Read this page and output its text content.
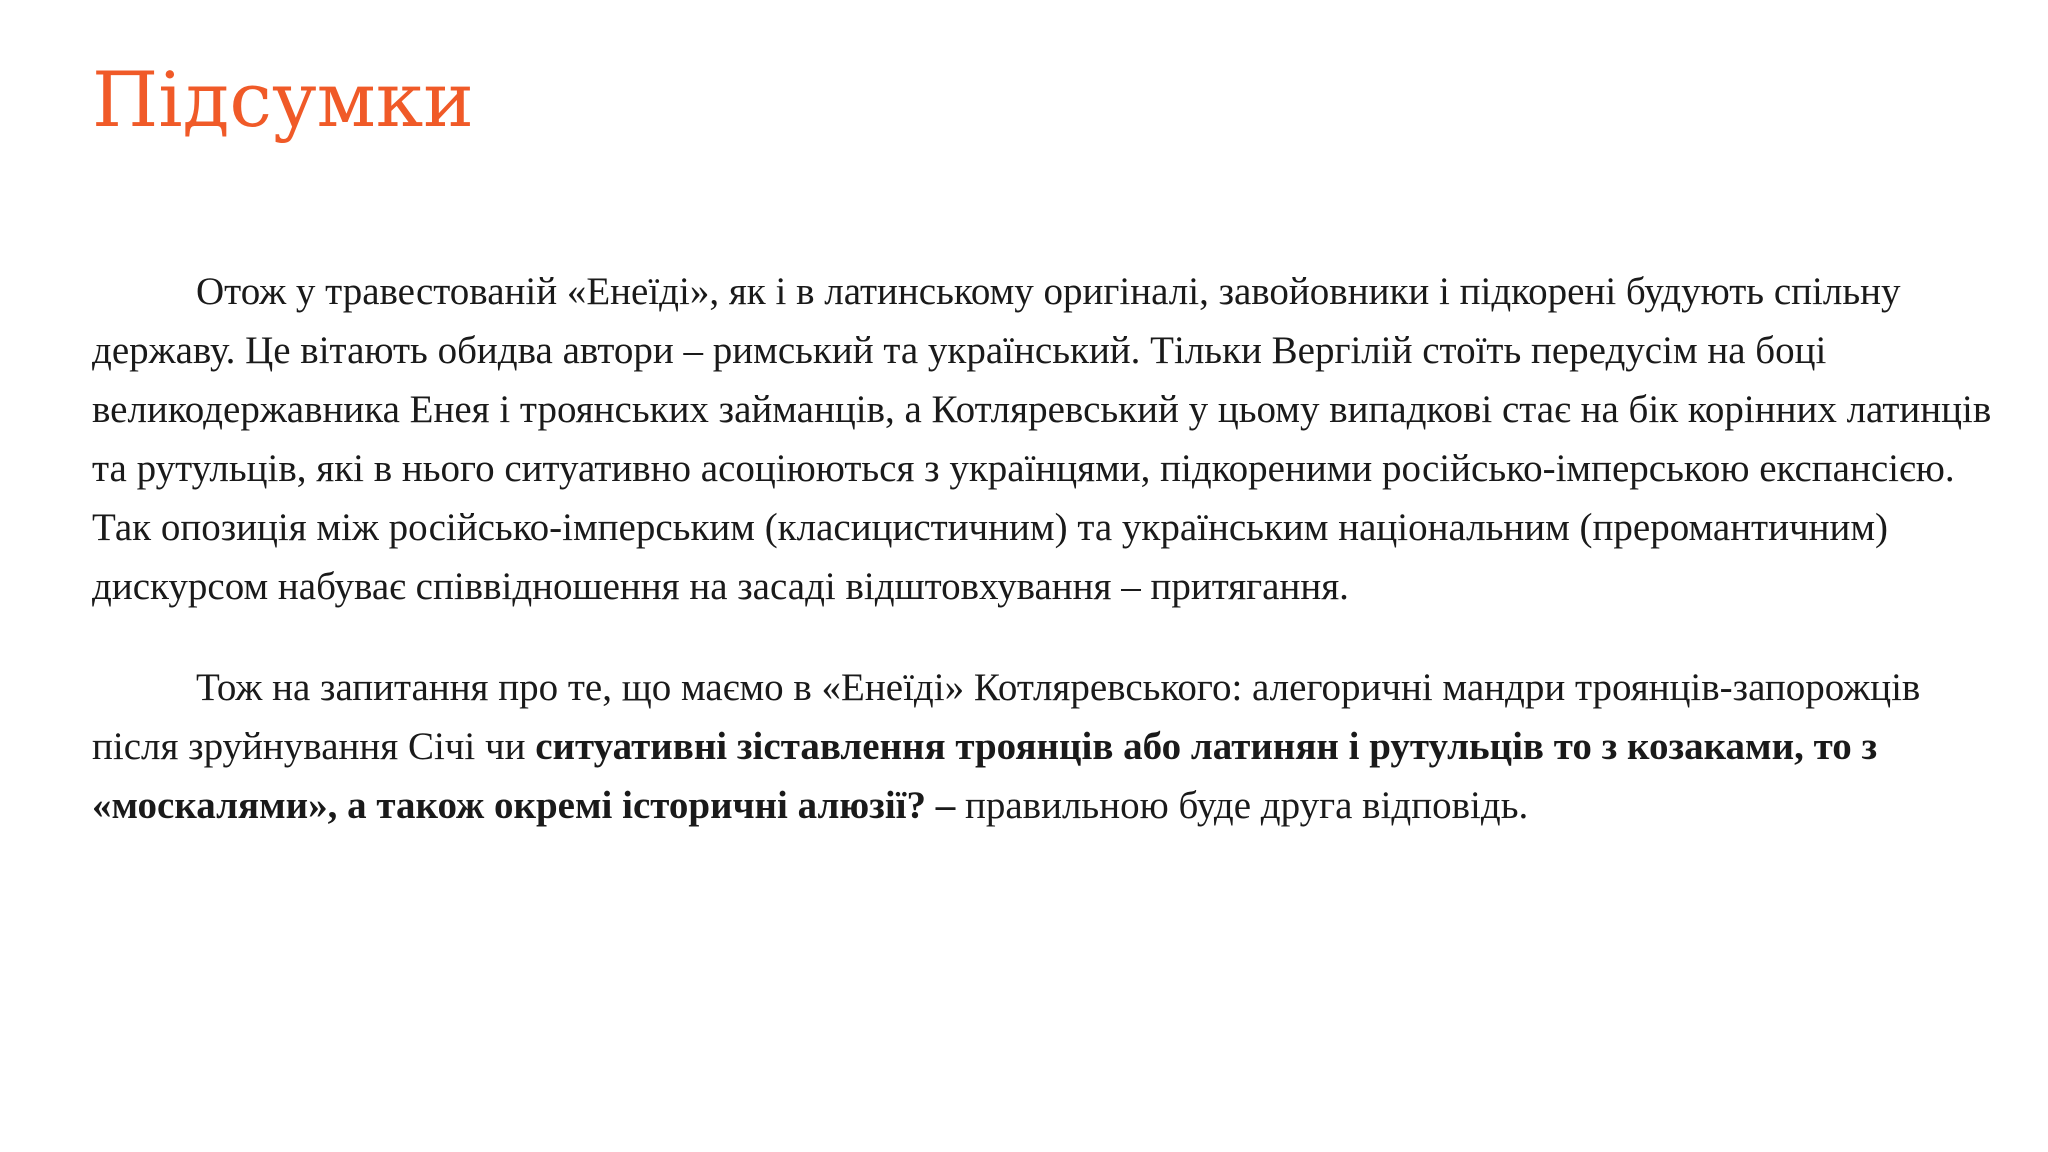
Підсумки

Отож у травестованій «Енеїді», як і в латинському оригіналі, завойовники і підкорені будують спільну державу. Це вітають обидва автори – римський та український. Тільки Вергілій стоїть передусім на боці великодержавника Енея і троянських займанців, а Котляревський у цьому випадкові стає на бік корінних латинців та рутульців, які в нього ситуативно асоціюються з українцями, підкореними російсько-імперською експансією. Так опозиція між російсько-імперським (класицистичним) та українським національним (преромантичним) дискурсом набуває співвідношення на засаді відштовхування – притягання.

Тож на запитання про те, що маємо в «Енеїді» Котляревського: алегоричні мандри троянців-запорожців після зруйнування Січі чи ситуативні зіставлення троянців або латинян і рутульців то з козаками, то з «москалями», а також окремі історичні алюзії? – правильною буде друга відповідь.
